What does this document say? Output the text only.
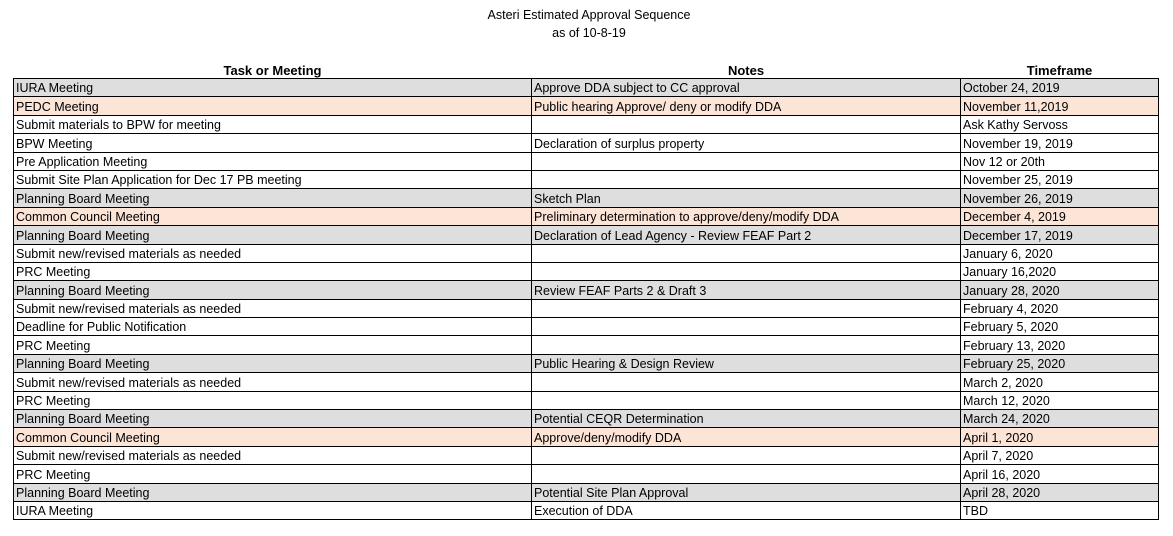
Asteri Estimated Approval Sequence
as of 10-8-19
Task or Meeting	Notes	Timeframe
IURA Meeting	Approve DDA subject to CC approval	October 24, 2019
PEDC Meeting	Public hearing Approve/ deny or modify DDA	November 11,2019
Submit materials to BPW for meeting		Ask Kathy Servoss
BPW Meeting	Declaration of surplus property	November 19, 2019
Pre Application Meeting		Nov 12 or 20th
Submit Site Plan Application for Dec 17 PB meeting		November 25, 2019
Planning Board Meeting	Sketch Plan	November 26, 2019
Common Council Meeting	Preliminary determination to approve/deny/modify DDA	December 4, 2019
Planning Board Meeting	Declaration of Lead Agency - Review FEAF Part 2	December 17, 2019
Submit new/revised materials as needed		January 6, 2020
PRC Meeting		January 16,2020
Planning Board Meeting	Review FEAF Parts 2 & Draft 3	January 28, 2020
Submit new/revised materials as needed		February 4, 2020
Deadline for Public Notification		February 5, 2020
PRC Meeting		February 13, 2020
Planning Board Meeting	Public Hearing & Design Review	February 25, 2020
Submit new/revised materials as needed		March 2, 2020
PRC Meeting		March 12, 2020
Planning Board Meeting	Potential CEQR Determination	March 24, 2020
Common Council Meeting	Approve/deny/modify DDA	April 1, 2020
Submit new/revised materials as needed		April 7, 2020
PRC Meeting		April 16, 2020
Planning Board Meeting	Potential Site Plan Approval	April 28, 2020
IURA Meeting	Execution of DDA	TBD
